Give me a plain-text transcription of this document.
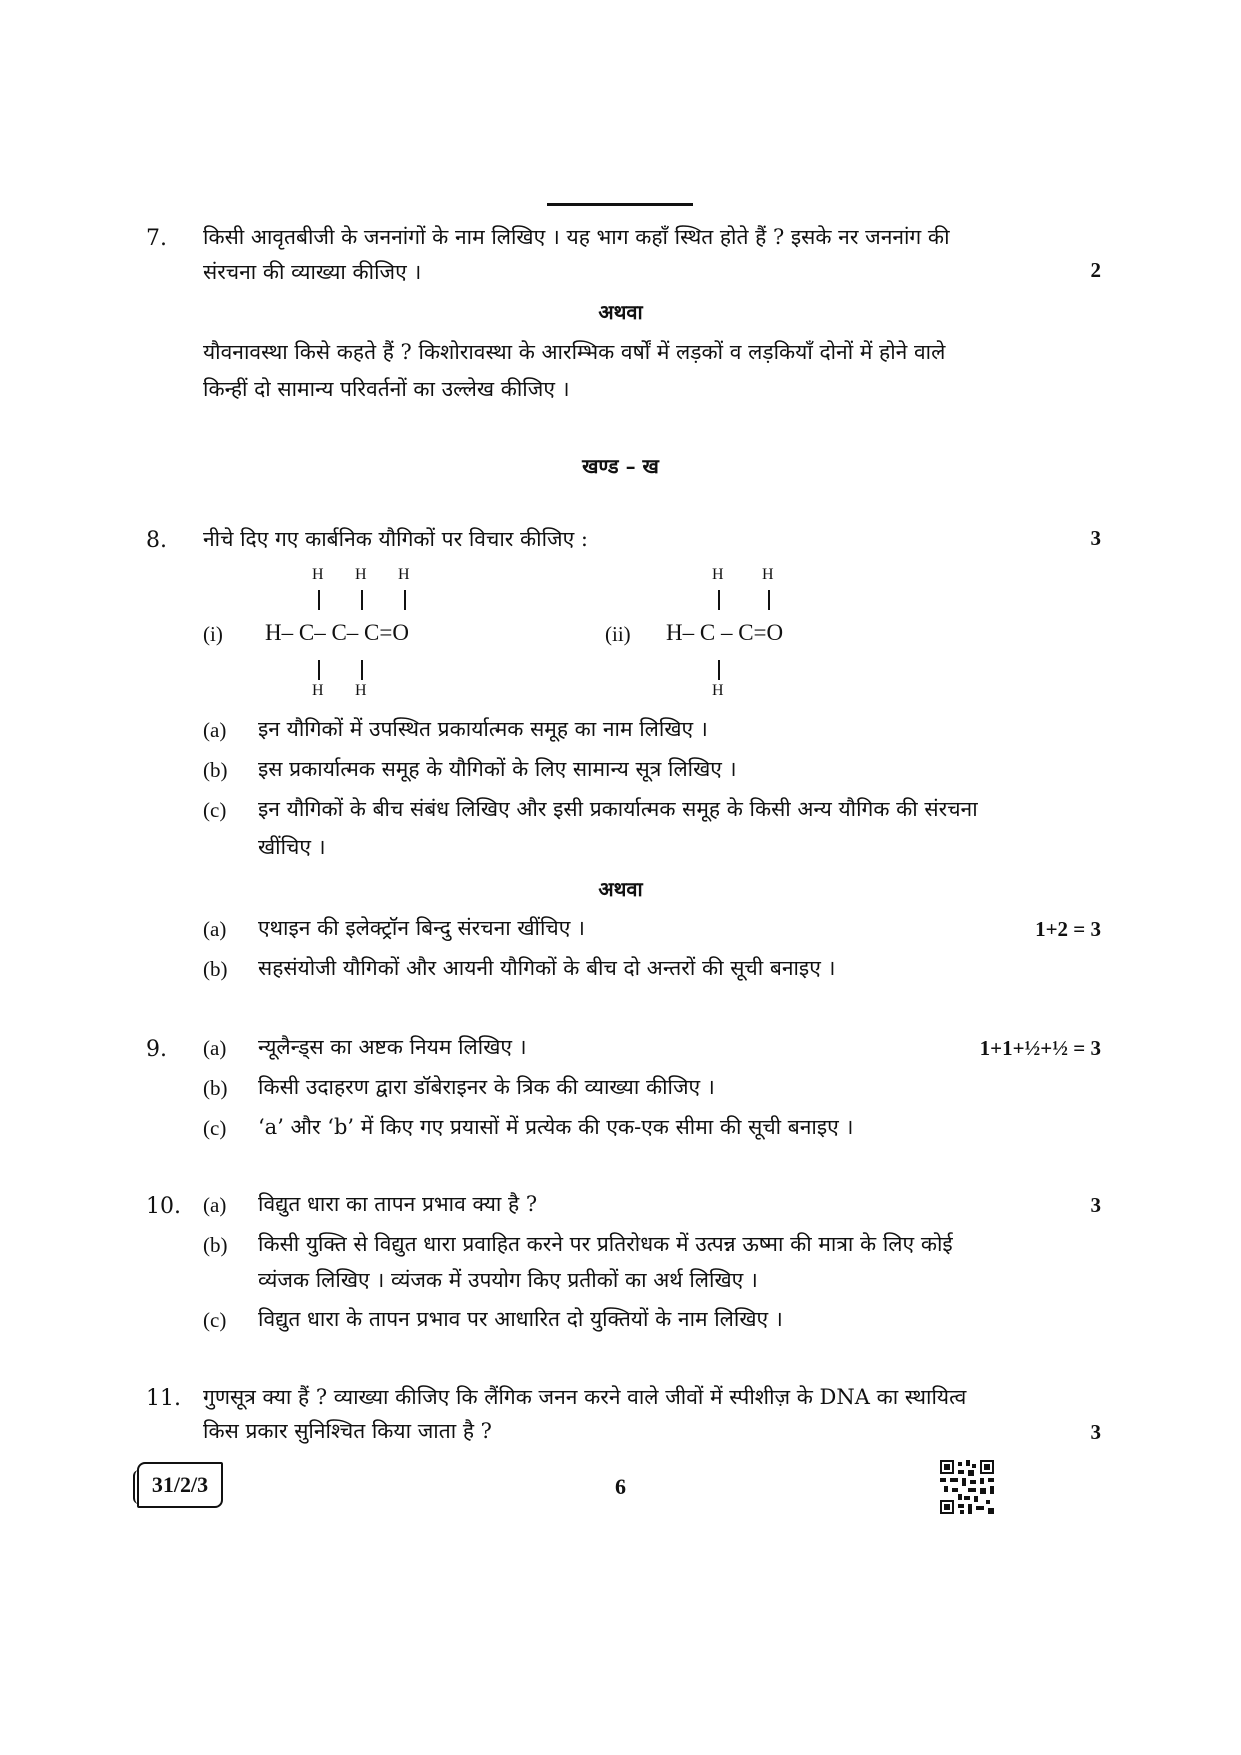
7. किसी आवृतबीजी के जननांगों के नाम लिखिए । यह भाग कहाँ स्थित होते हैं ? इसके नर जननांग की
संरचना की व्याख्या कीजिए ।	2
अथवा
यौवनावस्था किसे कहते हैं ? किशोरावस्था के आरम्भिक वर्षों में लड़कों व लड़कियाँ दोनों में होने वाले
किन्हीं दो सामान्य परिवर्तनों का उल्लेख कीजिए ।
खण्ड – ख
8. नीचे दिए गए कार्बनिक यौगिकों पर विचार कीजिए :	3
H H H
(i) H– C– C– C=O
H H
H H
(ii) H– C – C=O
H
(a) इन यौगिकों में उपस्थित प्रकार्यात्मक समूह का नाम लिखिए ।
(b) इस प्रकार्यात्मक समूह के यौगिकों के लिए सामान्य सूत्र लिखिए ।
(c) इन यौगिकों के बीच संबंध लिखिए और इसी प्रकार्यात्मक समूह के किसी अन्य यौगिक की संरचना
खींचिए ।
अथवा
(a) एथाइन की इलेक्ट्रॉन बिन्दु संरचना खींचिए ।	1+2 = 3
(b) सहसंयोजी यौगिकों और आयनी यौगिकों के बीच दो अन्तरों की सूची बनाइए ।
9. (a) न्यूलैन्ड्स का अष्टक नियम लिखिए ।	1+1+½+½ = 3
(b) किसी उदाहरण द्वारा डॉबेराइनर के त्रिक की व्याख्या कीजिए ।
(c) ‘a’ और ‘b’ में किए गए प्रयासों में प्रत्येक की एक-एक सीमा की सूची बनाइए ।
10. (a) विद्युत धारा का तापन प्रभाव क्या है ?	3
(b) किसी युक्ति से विद्युत धारा प्रवाहित करने पर प्रतिरोधक में उत्पन्न ऊष्मा की मात्रा के लिए कोई
व्यंजक लिखिए । व्यंजक में उपयोग किए प्रतीकों का अर्थ लिखिए ।
(c) विद्युत धारा के तापन प्रभाव पर आधारित दो युक्तियों के नाम लिखिए ।
11. गुणसूत्र क्या हैं ? व्याख्या कीजिए कि लैंगिक जनन करने वाले जीवों में स्पीशीज़ के DNA का स्थायित्व
किस प्रकार सुनिश्चित किया जाता है ?	3
31/2/3	6
